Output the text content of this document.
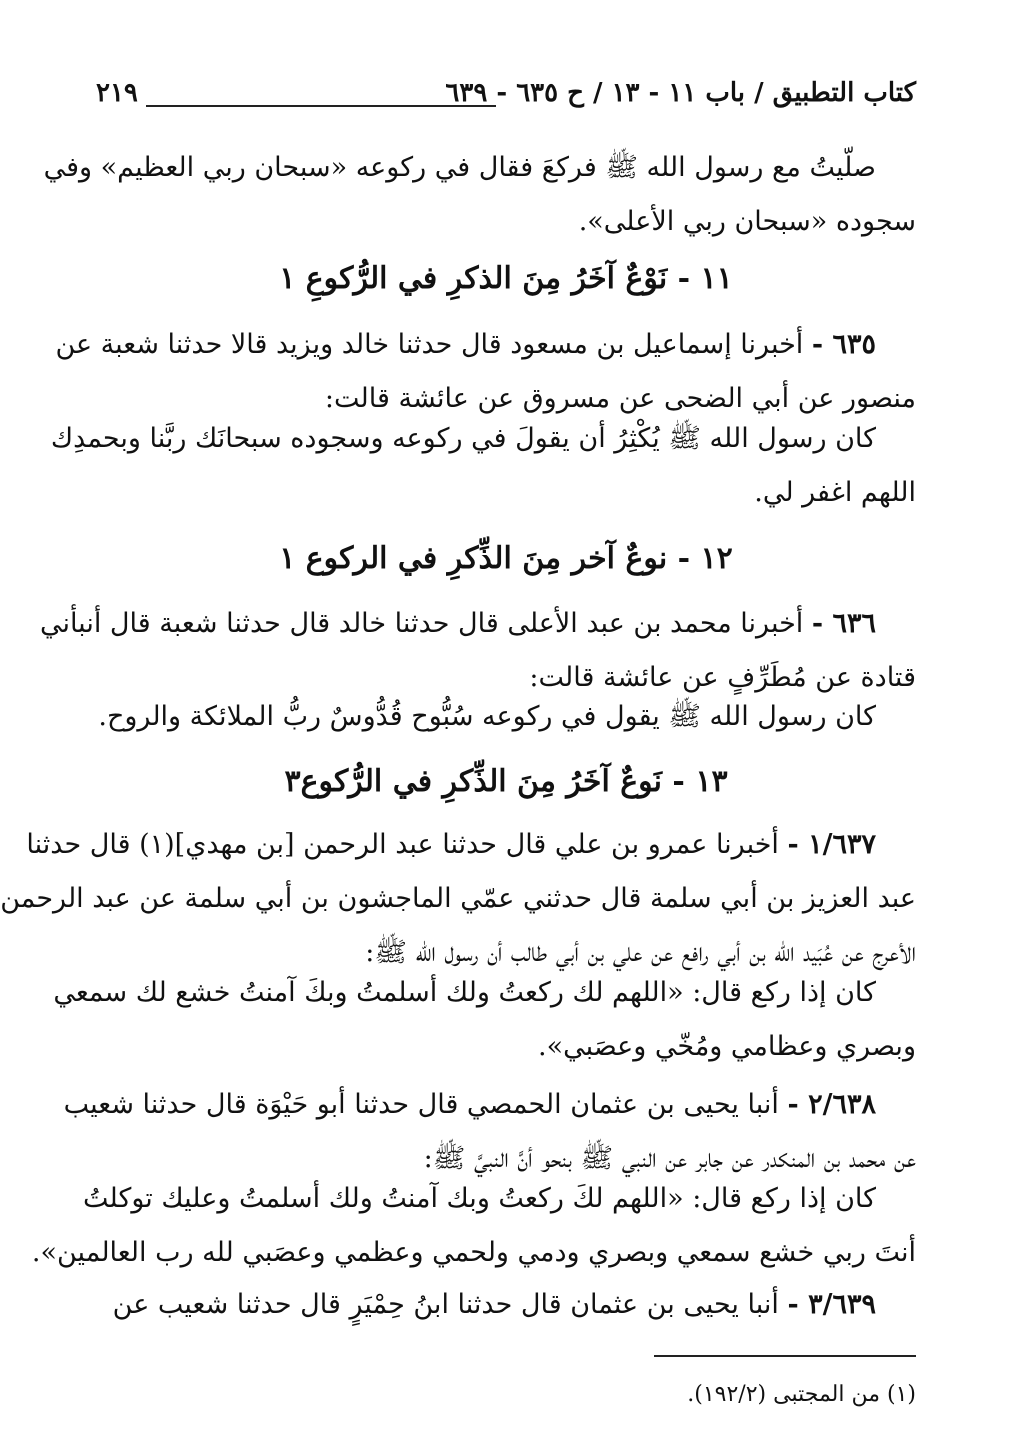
كتاب التطبيق / باب ١١ - ١٣ / ح ٦٣٥ - ٦٣٩
٢١٩
صلّيتُ مع رسول الله ﷺ فركعَ فقال في ركوعه «سبحان ربي العظيم» وفي
سجوده «سبحان ربي الأعلى».
١١ - نَوْعٌ آخَرُ مِنَ الذكرِ في الرُّكوعِ ١
٦٣٥ - أخبرنا إسماعيل بن مسعود قال حدثنا خالد ويزيد قالا حدثنا شعبة عن
منصور عن أبي الضحى عن مسروق عن عائشة قالت:
كان رسول الله ﷺ يُكْثِرُ أن يقولَ في ركوعه وسجوده سبحانَك ربَّنا وبحمدِك
اللهم اغفر لي.
١٢ - نوعٌ آخر مِنَ الذِّكرِ في الركوع ١
٦٣٦ - أخبرنا محمد بن عبد الأعلى قال حدثنا خالد قال حدثنا شعبة قال أنبأني
قتادة عن مُطَرِّفٍ عن عائشة قالت:
كان رسول الله ﷺ يقول في ركوعه سُبُّوح قُدُّوسٌ ربُّ الملائكة والروح.
١٣ - نَوعٌ آخَرُ مِنَ الذِّكرِ في الرُّكوع٣
١/٦٣٧ - أخبرنا عمرو بن علي قال حدثنا عبد الرحمن [بن مهدي](١) قال حدثنا
عبد العزيز بن أبي سلمة قال حدثني عمّي الماجشون بن أبي سلمة عن عبد الرحمن
الأعرج عن عُبَيد الله بن أبي رافع عن علي بن أبي طالب أن رسول الله ﷺ:
كان إذا ركع قال: «اللهم لك ركعتُ ولك أسلمتُ وبكَ آمنتُ خشع لك سمعي
وبصري وعظامي ومُخّي وعصَبي».
٢/٦٣٨ - أنبا يحيى بن عثمان الحمصي قال حدثنا أبو حَيْوَة قال حدثنا شعيب
عن محمد بن المنكدر عن جابر عن النبي ﷺ بنحو أنَّ النبيَّ ﷺ:
كان إذا ركع قال: «اللهم لكَ ركعتُ وبك آمنتُ ولك أسلمتُ وعليك توكلتُ
أنتَ ربي خشع سمعي وبصري ودمي ولحمي وعظمي وعصَبي لله رب العالمين».
٣/٦٣٩ - أنبا يحيى بن عثمان قال حدثنا ابنُ حِمْيَرٍ قال حدثنا شعيب عن
(١) من المجتبى (١٩٢/٢).
